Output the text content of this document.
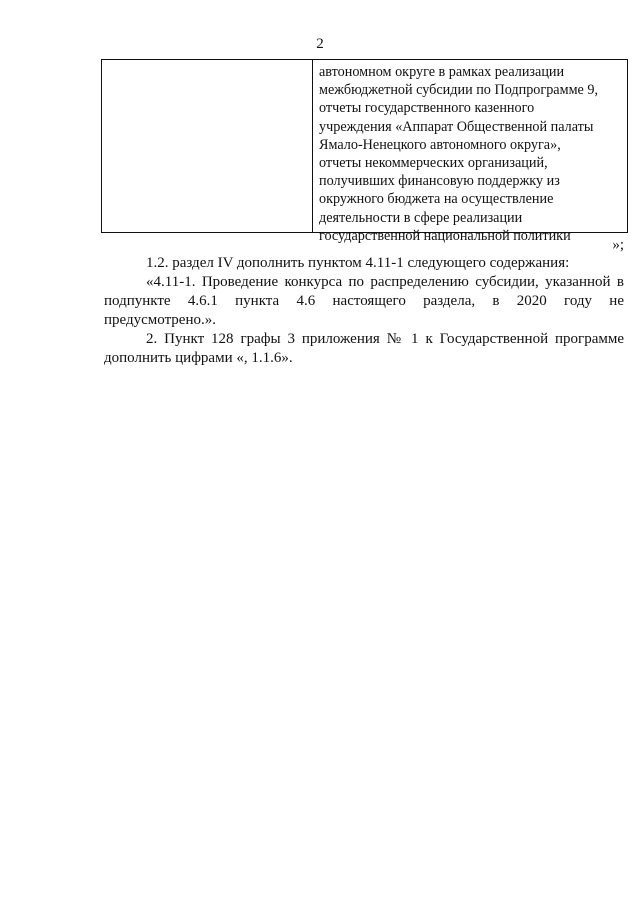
2
автономном округе в рамках реализации
межбюджетной субсидии по Подпрограмме 9,
отчеты государственного казенного
учреждения «Аппарат Общественной палаты
Ямало-Ненецкого автономного округа»,
отчеты некоммерческих организаций,
получивших финансовую поддержку из
окружного бюджета на осуществление
деятельности в сфере реализации
государственной национальной политики
»;
1.2. раздел IV дополнить пунктом 4.11-1 следующего содержания:
«4.11-1. Проведение конкурса по распределению субсидии, указанной в
подпункте 4.6.1 пункта 4.6 настоящего раздела, в 2020 году не
предусмотрено.».
2. Пункт 128 графы 3 приложения № 1 к Государственной программе
дополнить цифрами «, 1.1.6».
